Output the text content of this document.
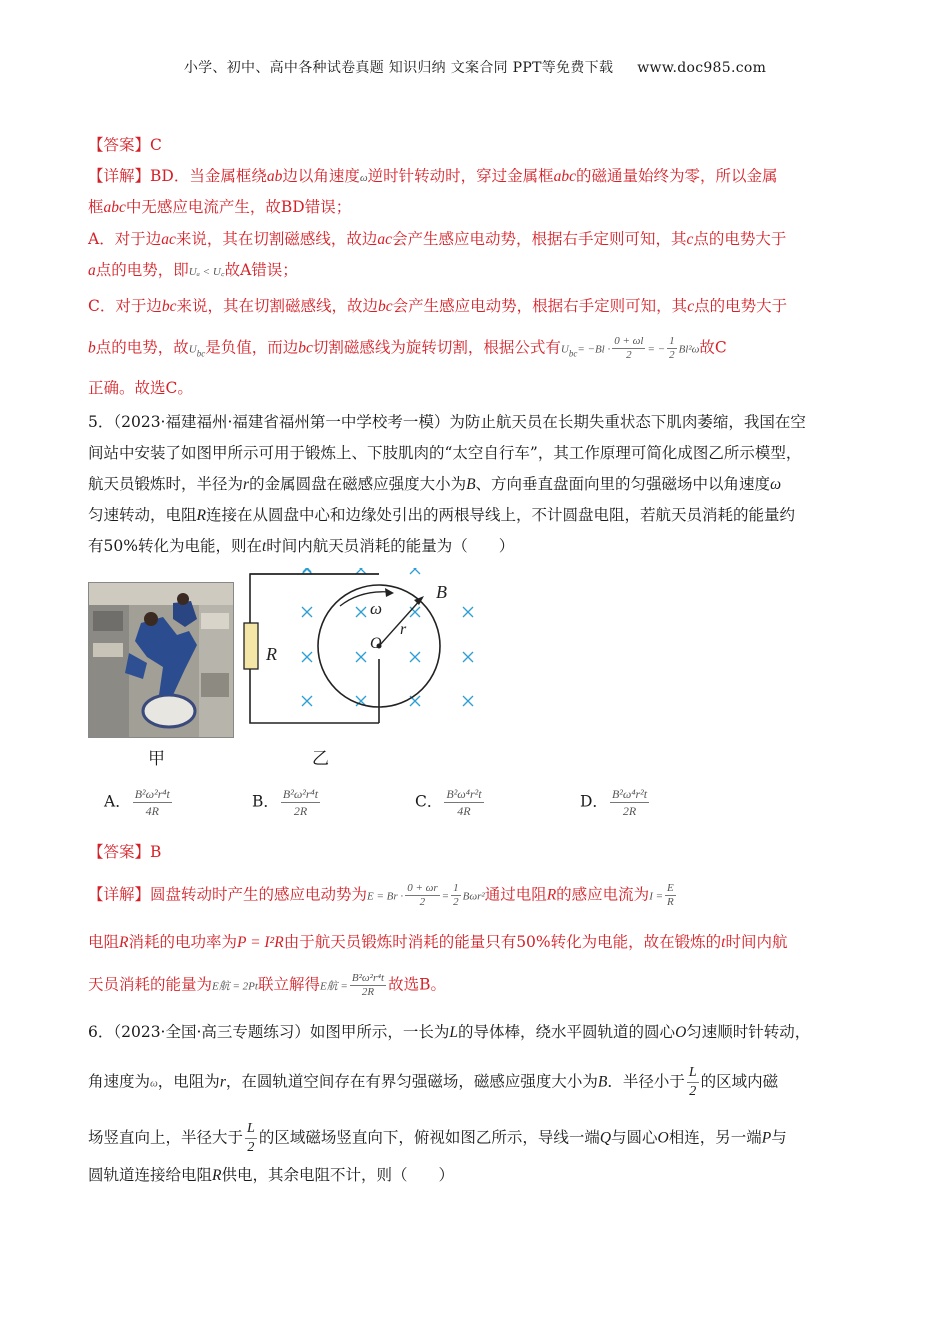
小学、初中、高中各种试卷真题 知识归纳 文案合同 PPT等免费下载 www.doc985.com
【答案】C
【详解】BD．当金属框绕ab边以角速度ω逆时针转动时，穿过金属框abc的磁通量始终为零，所以金属
框abc中无感应电流产生，故BD错误；
A．对于边ac来说，其在切割磁感线，故边ac会产生感应电动势，根据右手定则可知，其c点的电势大于
a点的电势，即Uₐ < U꜀故A错误；
C．对于边bc来说，其在切割磁感线，故边bc会产生感应电动势，根据右手定则可知，其c点的电势大于
b点的电势，故$U_{bc}$是负值，而边bc切割磁感线为旋转切割，根据公式有$U_{bc}= -Bl \cdot \frac{0 + \omega l}{2}$ = − $\frac{1}{2} Bl^2\omega$故C
正确。故选C。
5．（2023·福建福州·福建省福州第一中学校考一模）为防止航天员在长期失重状态下肌肉萎缩，我国在空
间站中安装了如图甲所示可用于锻炼上、下肢肌肉的“太空自行车”，其工作原理可简化成图乙所示模型，
航天员锻炼时，半径为r的金属圆盘在磁感应强度大小为B、方向垂直盘面向里的匀强磁场中以角速度ω
匀速转动，电阻R连接在从圆盘中心和边缘处引出的两根导线上，不计圆盘电阻，若航天员消耗的能量约
有50%转化为电能，则在t时间内航天员消耗的能量为（　　）
R
O
r
B
ω
甲	乙
A． $\frac{\text{B²ω²r⁴t}}{4R}$	B． $\frac{\text{B²ω²r⁴t}}{2R}$	C． $\frac{\text{B²ω⁴r²t}}{4R}$	D． $\frac{\text{B²ω⁴r²t}}{2R}$
【答案】B
【详解】圆盘转动时产生的感应电动势为$E = Br \cdot \frac{0 + \omega r}{2} = \frac{1}{2} B\omega r^2$通过电阻R的感应电流为$I = \frac{E}{R}$
电阻R消耗的电功率为P = I²R由于航天员锻炼时消耗的能量只有50%转化为电能，故在锻炼的t时间内航
天员消耗的能量为E航 = 2Pt联立解得E航 = $\frac{\text{B²ω²r⁴t}}{2R}$ 故选B。
6．（2023·全国·高三专题练习）如图甲所示，一长为L的导体棒，绕水平圆轨道的圆心O匀速顺时针转动，
角速度为ω，电阻为r，在圆轨道空间存在有界匀强磁场，磁感应强度大小为B．半径小于 $\frac{L}{2}$ 的区域内磁
场竖直向上，半径大于 $\frac{L}{2}$ 的区域磁场竖直向下，俯视如图乙所示，导线一端Q与圆心O相连，另一端P与
圆轨道连接给电阻R供电，其余电阻不计，则（　　）
